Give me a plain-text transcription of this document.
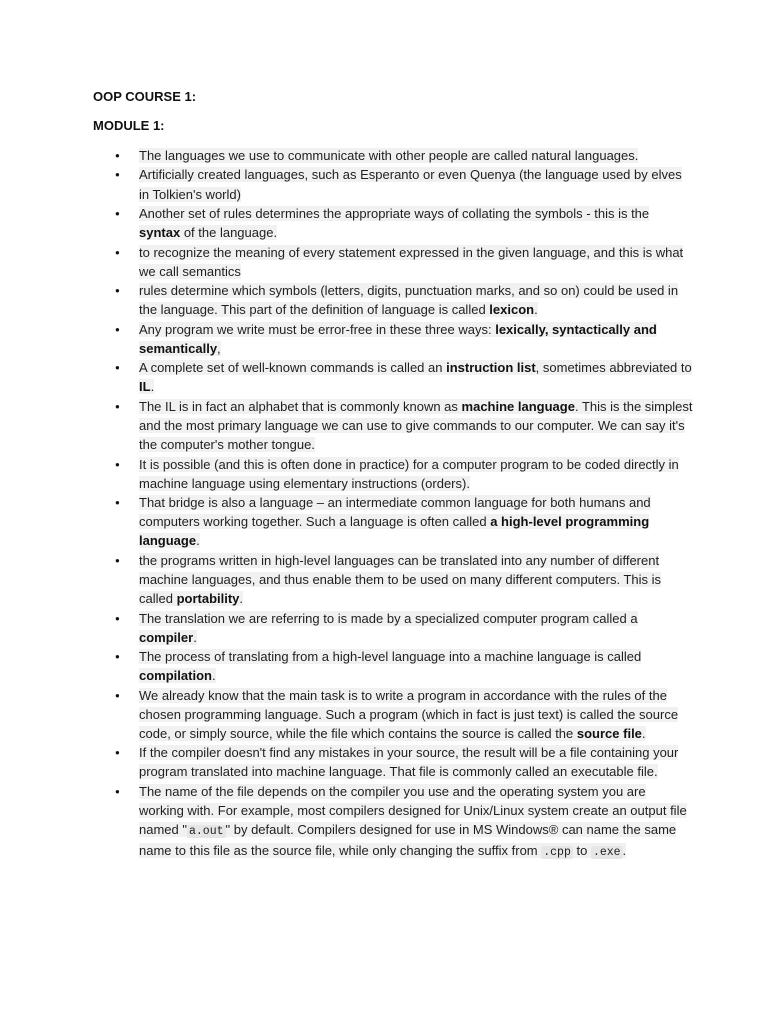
OOP COURSE 1:
MODULE 1:
● The languages we use to communicate with other people are called natural languages.
● Artificially created languages, such as Esperanto or even Quenya (the language used by elves in Tolkien's world)
● Another set of rules determines the appropriate ways of collating the symbols - this is the syntax of the language.
● to recognize the meaning of every statement expressed in the given language, and this is what we call semantics
● rules determine which symbols (letters, digits, punctuation marks, and so on) could be used in the language. This part of the definition of language is called lexicon.
● Any program we write must be error-free in these three ways: lexically, syntactically and semantically,
● A complete set of well-known commands is called an instruction list, sometimes abbreviated to IL.
● The IL is in fact an alphabet that is commonly known as machine language. This is the simplest and the most primary language we can use to give commands to our computer. We can say it's the computer's mother tongue.
● It is possible (and this is often done in practice) for a computer program to be coded directly in machine language using elementary instructions (orders).
● That bridge is also a language – an intermediate common language for both humans and computers working together. Such a language is often called a high-level programming language.
● the programs written in high-level languages can be translated into any number of different machine languages, and thus enable them to be used on many different computers. This is called portability.
● The translation we are referring to is made by a specialized computer program called a compiler.
● The process of translating from a high-level language into a machine language is called compilation.
● We already know that the main task is to write a program in accordance with the rules of the chosen programming language. Such a program (which in fact is just text) is called the source code, or simply source, while the file which contains the source is called the source file.
● If the compiler doesn't find any mistakes in your source, the result will be a file containing your program translated into machine language. That file is commonly called an executable file.
● The name of the file depends on the compiler you use and the operating system you are working with. For example, most compilers designed for Unix/Linux system create an output file named " a.out " by default. Compilers designed for use in MS Windows® can name the same name to this file as the source file, while only changing the suffix from .cpp to .exe .
